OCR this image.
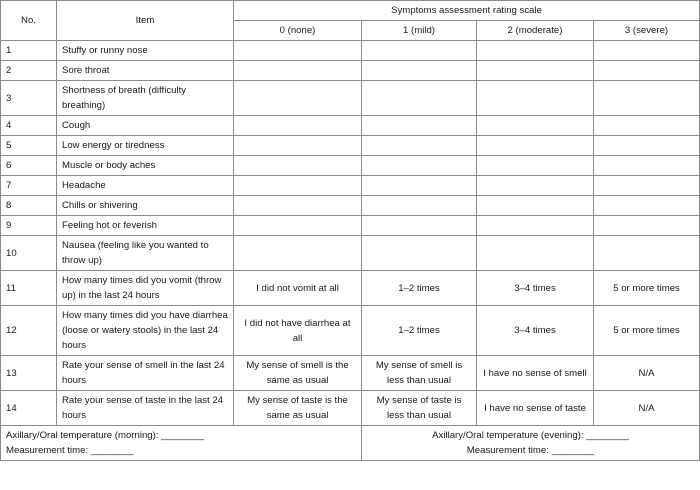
No.	Item	Symptoms assessment rating scale			
		0 (none)	1 (mild)	2 (moderate)	3 (severe)
1	Stuffy or runny nose				
2	Sore throat				
3	Shortness of breath (difficulty breathing)				
4	Cough				
5	Low energy or tiredness				
6	Muscle or body aches				
7	Headache				
8	Chills or shivering				
9	Feeling hot or feverish				
10	Nausea (feeling like you wanted to throw up)				
11	How many times did you vomit (throw up) in the last 24 hours	I did not vomit at all	1–2 times	3–4 times	5 or more times
12	How many times did you have diarrhea (loose or watery stools) in the last 24 hours	I did not have diarrhea at all	1–2 times	3–4 times	5 or more times
13	Rate your sense of smell in the last 24 hours	My sense of smell is the same as usual	My sense of smell is less than usual	I have no sense of smell	N/A
14	Rate your sense of taste in the last 24 hours	My sense of taste is the same as usual	My sense of taste is less than usual	I have no sense of taste	N/A

Axillary/Oral temperature (morning): ________
Measurement time: ________			Axillary/Oral temperature (evening): ________
Measurement time: ________		
